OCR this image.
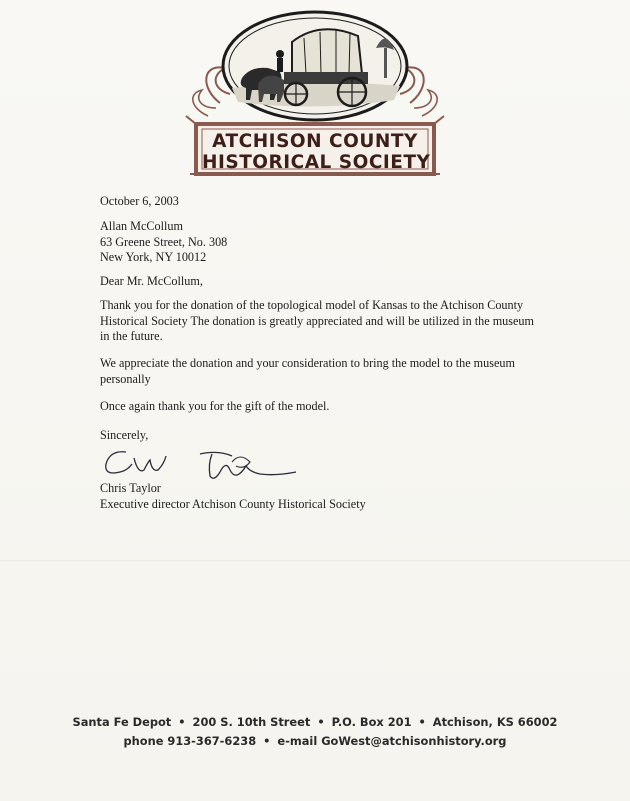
ATCHISON COUNTY
HISTORICAL SOCIETY
October 6, 2003
Allan McCollum
63 Greene Street, No. 308
New York, NY 10012
Dear Mr. McCollum,
Thank you for the donation of the topological model of Kansas to the Atchison County
Historical Society The donation is greatly appreciated and will be utilized in the museum
in the future.
We appreciate the donation and your consideration to bring the model to the museum
personally
Once again thank you for the gift of the model.
Sincerely,
Chris Taylor
Executive director Atchison County Historical Society
Santa Fe Depot • 200 S. 10th Street • P.O. Box 201 • Atchison, KS 66002
phone 913-367-6238 • e-mail GoWest@atchisonhistory.org
